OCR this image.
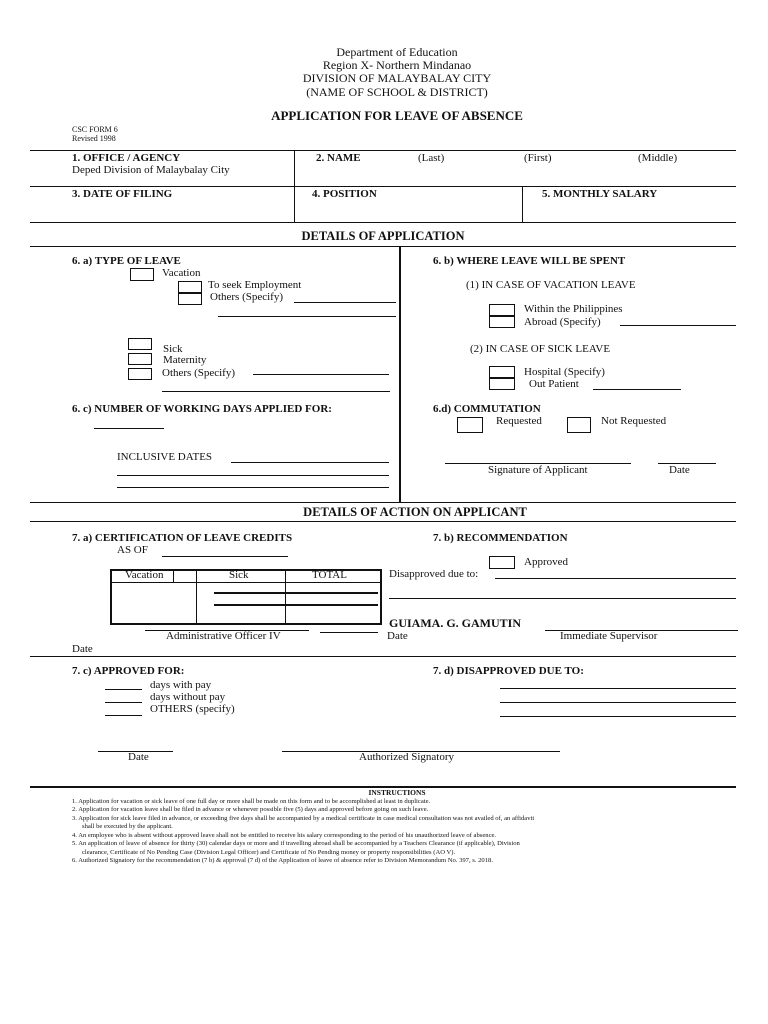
Department of Education
Region X- Northern Mindanao
DIVISION OF MALAYBALAY CITY
(NAME OF SCHOOL & DISTRICT)
APPLICATION FOR LEAVE OF ABSENCE
CSC FORM 6
Revised 1998
1. OFFICE / AGENCY
Deped Division of Malaybalay City
2. NAME	(Last)	(First)	(Middle)
3. DATE OF FILING	4. POSITION	5. MONTHLY SALARY
DETAILS OF APPLICATION
6. a) TYPE OF LEAVE
Vacation
To seek Employment
Others (Specify)
Sick
Maternity
Others (Specify)
6. b) WHERE LEAVE WILL BE SPENT
(1) IN CASE OF VACATION LEAVE
Within the Philippines
Abroad (Specify)
(2) IN CASE OF SICK LEAVE
Hospital (Specify)
Out Patient
6. c) NUMBER OF WORKING DAYS APPLIED FOR:
INCLUSIVE DATES
6.d) COMMUTATION
Requested	Not Requested
Signature of Applicant	Date
DETAILS OF ACTION ON APPLICANT
7. a) CERTIFICATION OF LEAVE CREDITS
AS OF
Vacation	Sick	TOTAL
7. b) RECOMMENDATION
Approved
Disapproved due to:
GUIAMA. G. GAMUTIN
Administrative Officer IV	Date	Immediate Supervisor
Date
7. c) APPROVED FOR:
days with pay
days without pay
OTHERS (specify)
7. d) DISAPPROVED DUE TO:
Date	Authorized Signatory
INSTRUCTIONS
1. Application for vacation or sick leave of one full day or more shall be made on this form and to be accomplished at least in duplicate.
2. Application for vacation leave shall be filed in advance or whenever possible five (5) days and approved before going on such leave.
3. Application for sick leave filed in advance, or exceeding five days shall be accompanied by a medical certificate in case medical consultation was not availed of, an affidavit
shall be executed by the applicant.
4. An employee who is absent without approved leave shall not be entitled to receive his salary corresponding to the period of his unauthorized leave of absence.
5. An application of leave of absence for thirty (30) calendar days or more and if travelling abroad shall be accompanied by a Teachers Clearance (if applicable), Division
clearance, Certificate of No Pending Case (Division Legal Officer) and Certificate of No Pending money or property responsibilities (AO V).
6. Authorized Signatory for the recommendation (7 b) & approval (7 d) of the Application of leave of absence refer to Division Memorandum No. 397, s. 2018.
